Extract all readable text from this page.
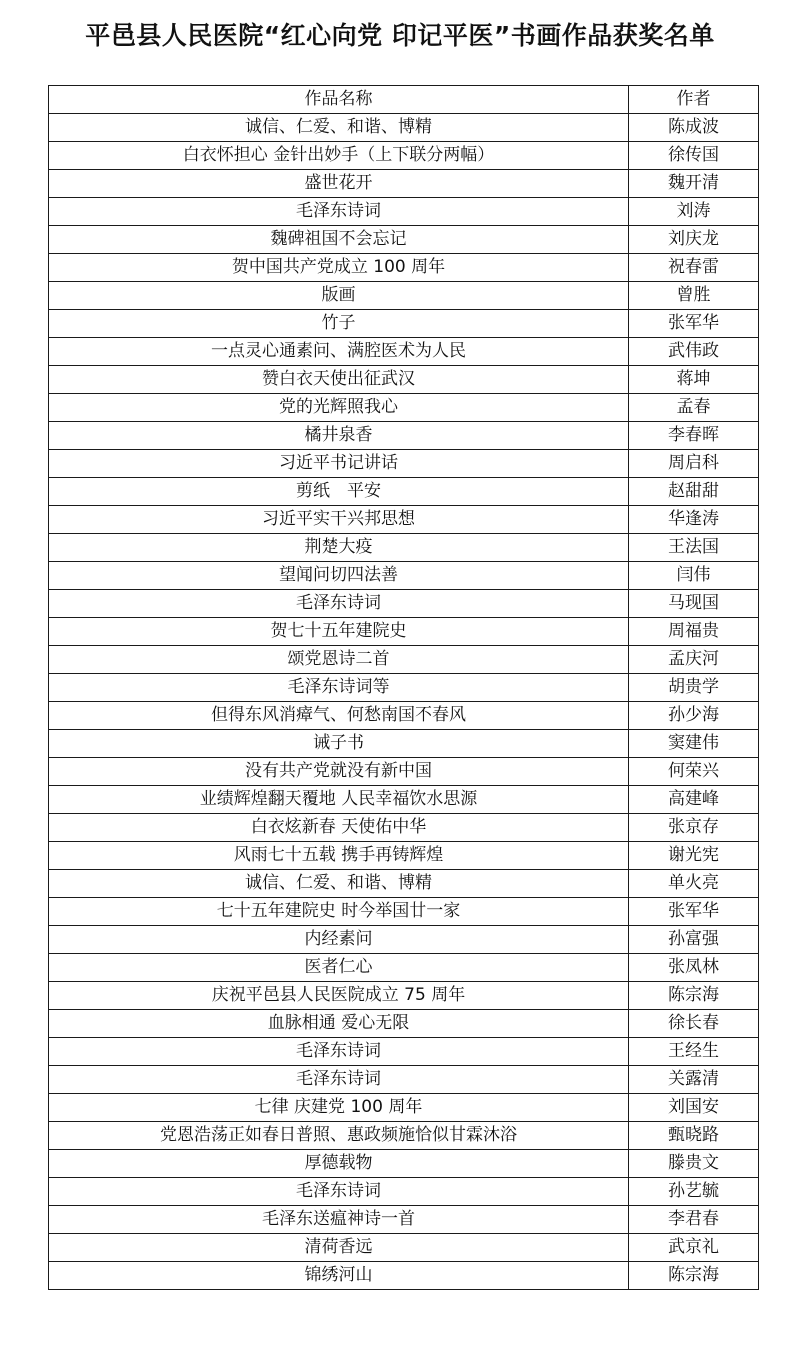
平邑县人民医院“红心向党 印记平医”书画作品获奖名单
作品名称	作者
诚信、仁爱、和谐、博精	陈成波
白衣怀担心 金针出妙手（上下联分两幅）	徐传国
盛世花开	魏开清
毛泽东诗词	刘涛
魏碑祖国不会忘记	刘庆龙
贺中国共产党成立 100 周年	祝春雷
版画	曾胜
竹子	张军华
一点灵心通素问、满腔医术为人民	武伟政
赞白衣天使出征武汉	蒋坤
党的光辉照我心	孟春
橘井泉香	李春晖
习近平书记讲话	周启科
剪纸　平安	赵甜甜
习近平实干兴邦思想	华逢涛
荆楚大疫	王法国
望闻问切四法善	闫伟
毛泽东诗词	马现国
贺七十五年建院史	周福贵
颂党恩诗二首	孟庆河
毛泽东诗词等	胡贵学
但得东风消瘴气、何愁南国不春风	孙少海
诫子书	窦建伟
没有共产党就没有新中国	何荣兴
业绩辉煌翻天覆地 人民幸福饮水思源	高建峰
白衣炫新春 天使佑中华	张京存
风雨七十五载 携手再铸辉煌	谢光宪
诚信、仁爱、和谐、博精	单火亮
七十五年建院史 时今举国廿一家	张军华
内经素问	孙富强
医者仁心	张凤林
庆祝平邑县人民医院成立 75 周年	陈宗海
血脉相通 爱心无限	徐长春
毛泽东诗词	王经生
毛泽东诗词	关露清
七律 庆建党 100 周年	刘国安
党恩浩荡正如春日普照、惠政频施恰似甘霖沐浴	甄晓路
厚德载物	滕贵文
毛泽东诗词	孙艺毓
毛泽东送瘟神诗一首	李君春
清荷香远	武京礼
锦绣河山	陈宗海
